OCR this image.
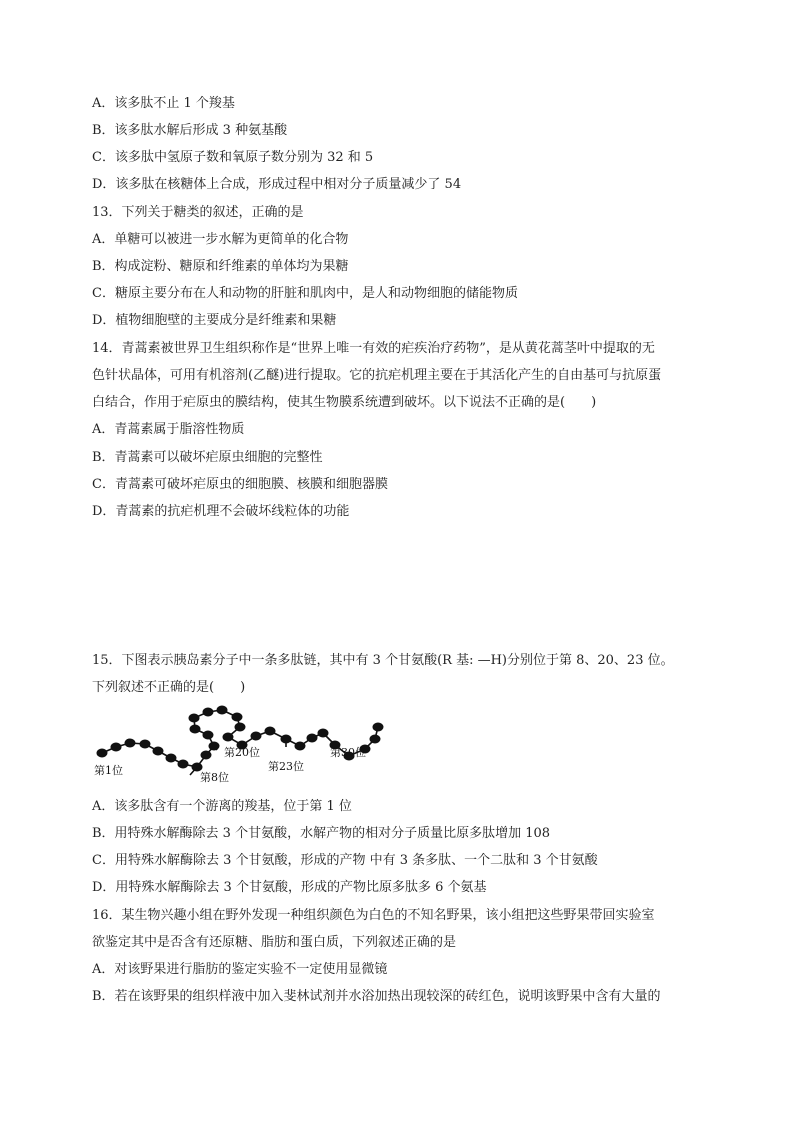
A．该多肽不止 1 个羧基
B．该多肽水解后形成 3 种氨基酸
C．该多肽中氢原子数和氧原子数分别为 32 和 5
D．该多肽在核糖体上合成，形成过程中相对分子质量减少了 54
13．下列关于糖类的叙述，正确的是
A．单糖可以被进一步水解为更简单的化合物
B．构成淀粉、糖原和纤维素的单体均为果糖
C．糖原主要分布在人和动物的肝脏和肌肉中，是人和动物细胞的储能物质
D．植物细胞壁的主要成分是纤维素和果糖
14．青蒿素被世界卫生组织称作是“世界上唯一有效的疟疾治疗药物”，是从黄花蒿茎叶中提取的无
色针状晶体，可用有机溶剂(乙醚)进行提取。它的抗疟机理主要在于其活化产生的自由基可与抗原蛋
白结合，作用于疟原虫的膜结构，使其生物膜系统遭到破坏。以下说法不正确的是(　　)
A．青蒿素属于脂溶性物质
B．青蒿素可以破坏疟原虫细胞的完整性
C．青蒿素可破坏疟原虫的细胞膜、核膜和细胞器膜
D．青蒿素的抗疟机理不会破坏线粒体的功能
15．下图表示胰岛素分子中一条多肽链，其中有 3 个甘氨酸(R 基: —H)分别位于第 8、20、23 位。
下列叙述不正确的是(　　)
第1位
第8位
第20位
第23位
第30位
A．该多肽含有一个游离的羧基，位于第 1 位
B．用特殊水解酶除去 3 个甘氨酸，水解产物的相对分子质量比原多肽增加 108
C．用特殊水解酶除去 3 个甘氨酸，形成的产物 中有 3 条多肽、一个二肽和 3 个甘氨酸
D．用特殊水解酶除去 3 个甘氨酸，形成的产物比原多肽多 6 个氨基
16．某生物兴趣小组在野外发现一种组织颜色为白色的不知名野果，该小组把这些野果带回实验室
欲鉴定其中是否含有还原糖、脂肪和蛋白质，下列叙述正确的是
A．对该野果进行脂肪的鉴定实验不一定使用显微镜
B．若在该野果的组织样液中加入斐林试剂并水浴加热出现较深的砖红色，说明该野果中含有大量的
